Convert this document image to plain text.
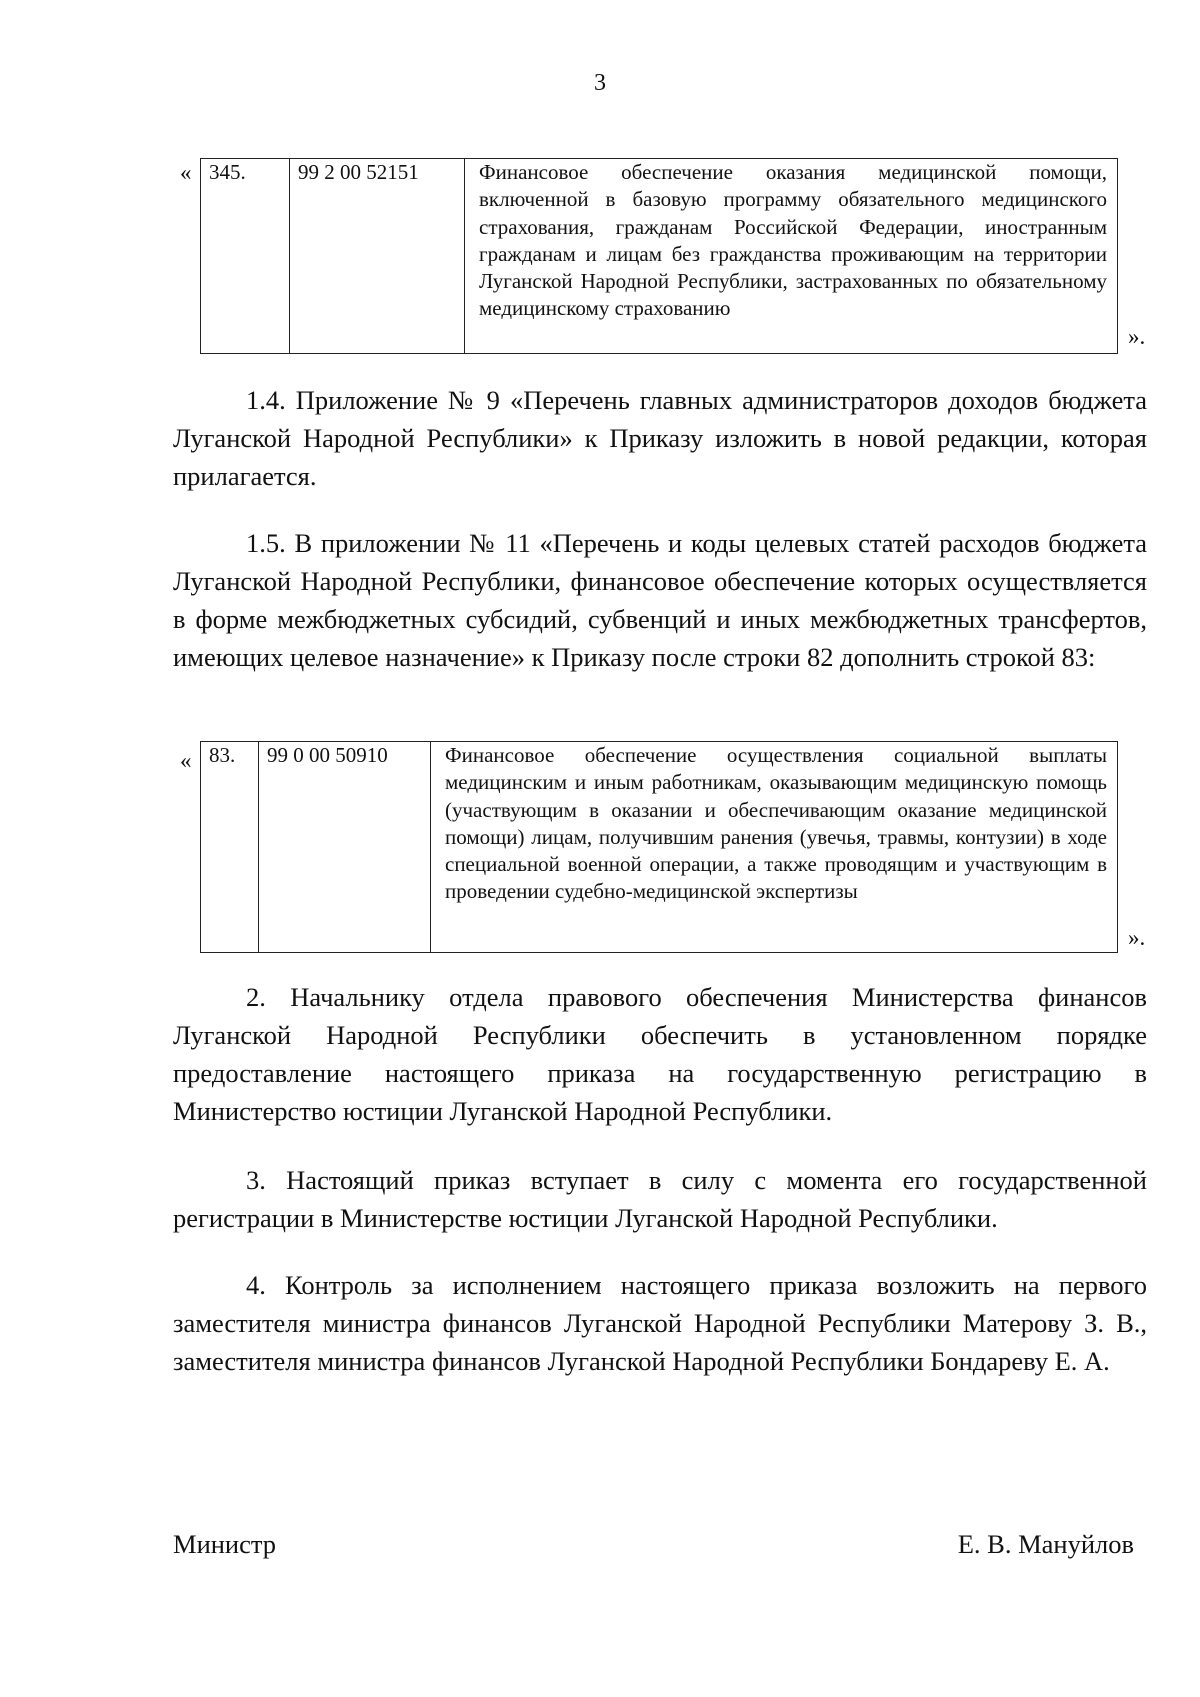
3
« 345.	99 2 00 52151	Финансовое обеспечение оказания медицинской помощи, включенной в базовую программу обязательного медицинского страхования, гражданам Российской Федерации, иностранным гражданам и лицам без гражданства проживающим на территории Луганской Народной Республики, застрахованных по обязательному медицинскому страхованию
».
1.4. Приложение № 9 «Перечень главных администраторов доходов бюджета Луганской Народной Республики» к Приказу изложить в новой редакции, которая прилагается.
1.5. В приложении № 11 «Перечень и коды целевых статей расходов бюджета Луганской Народной Республики, финансовое обеспечение которых осуществляется в форме межбюджетных субсидий, субвенций и иных межбюджетных трансфертов, имеющих целевое назначение» к Приказу после строки 82 дополнить строкой 83:
« 83.	99 0 00 50910	Финансовое обеспечение осуществления социальной выплаты медицинским и иным работникам, оказывающим медицинскую помощь (участвующим в оказании и обеспечивающим оказание медицинской помощи) лицам, получившим ранения (увечья, травмы, контузии) в ходе специальной военной операции, а также проводящим и участвующим в проведении судебно-медицинской экспертизы
».
2. Начальнику отдела правового обеспечения Министерства финансов Луганской Народной Республики обеспечить в установленном порядке предоставление настоящего приказа на государственную регистрацию в Министерство юстиции Луганской Народной Республики.
3. Настоящий приказ вступает в силу с момента его государственной регистрации в Министерстве юстиции Луганской Народной Республики.
4. Контроль за исполнением настоящего приказа возложить на первого заместителя министра финансов Луганской Народной Республики Матерову З. В., заместителя министра финансов Луганской Народной Республики Бондареву Е. А.
Министр	Е. В. Мануйлов
